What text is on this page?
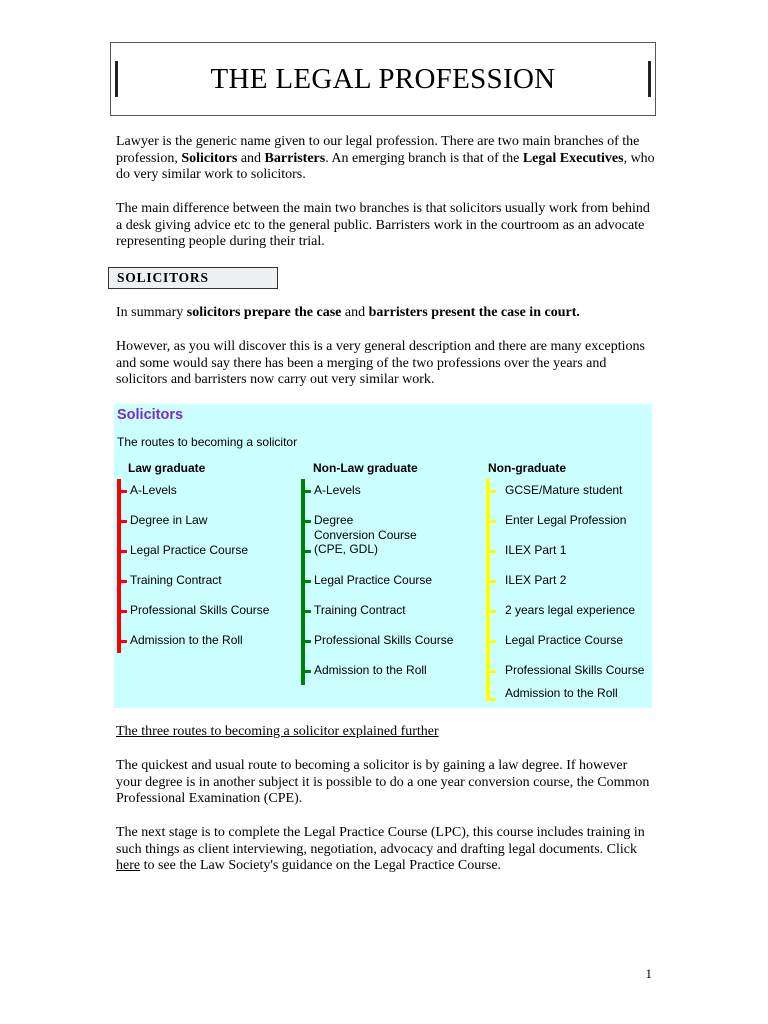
THE LEGAL PROFESSION
Lawyer is the generic name given to our legal profession. There are two main branches of the profession, Solicitors and Barristers. An emerging branch is that of the Legal Executives, who do very similar work to solicitors.
The main difference between the main two branches is that solicitors usually work from behind a desk giving advice etc to the general public. Barristers work in the courtroom as an advocate representing people during their trial.
SOLICITORS
In summary solicitors prepare the case and barristers present the case in court.
However, as you will discover this is a very general description and there are many exceptions and some would say there has been a merging of the two professions over the years and solicitors and barristers now carry out very similar work.
Solicitors
The routes to becoming a solicitor
Law graduate
A-Levels
Degree in Law
Legal Practice Course
Training Contract
Professional Skills Course
Admission to the Roll
Non-Law graduate
A-Levels
Degree
Conversion Course
(CPE, GDL)
Legal Practice Course
Training Contract
Professional Skills Course
Admission to the Roll
Non-graduate
GCSE/Mature student
Enter Legal Profession
ILEX Part 1
ILEX Part 2
2 years legal experience
Legal Practice Course
Professional Skills Course
Admission to the Roll
The three routes to becoming a solicitor explained further
The quickest and usual route to becoming a solicitor is by gaining a law degree. If however your degree is in another subject it is possible to do a one year conversion course, the Common Professional Examination (CPE).
The next stage is to complete the Legal Practice Course (LPC), this course includes training in such things as client interviewing, negotiation, advocacy and drafting legal documents. Click here to see the Law Society's guidance on the Legal Practice Course.
1
